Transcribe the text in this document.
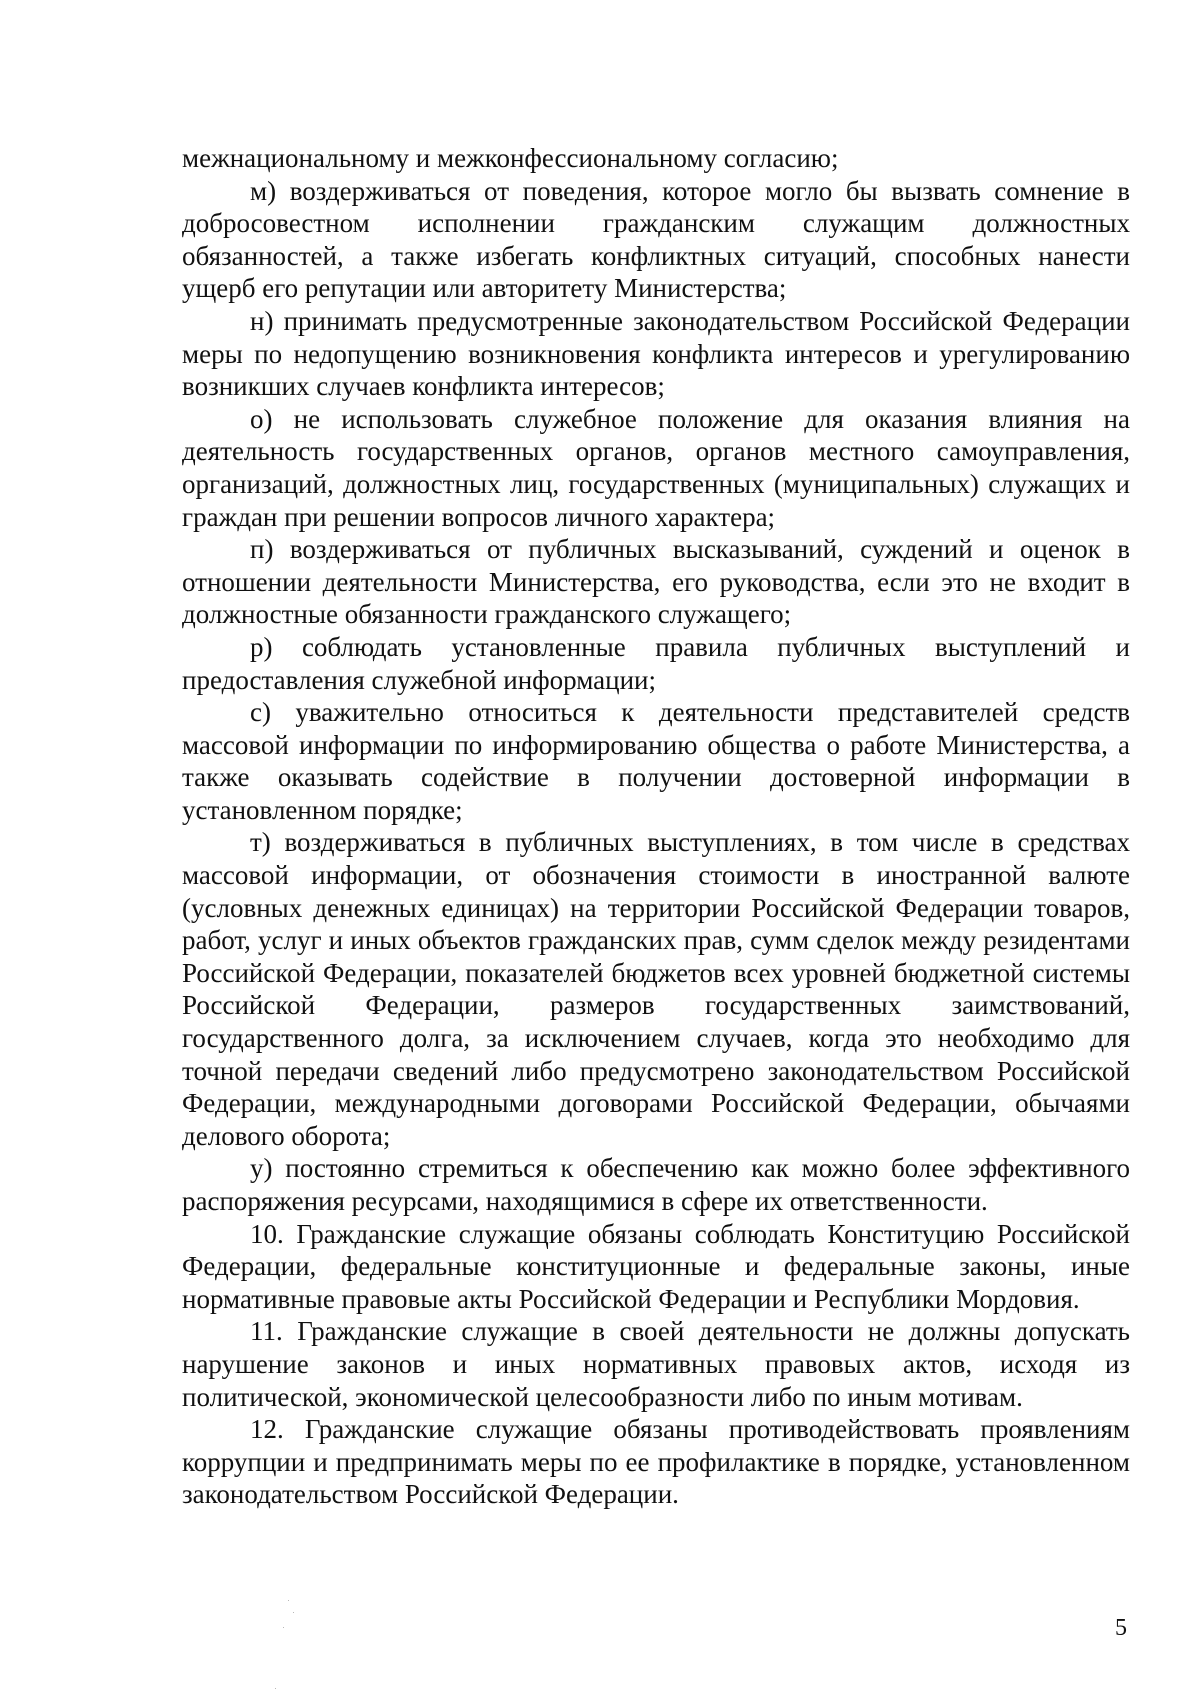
межнациональному и межконфессиональному согласию;

м) воздерживаться от поведения, которое могло бы вызвать сомнение в добросовестном исполнении гражданским служащим должностных обязанностей, а также избегать конфликтных ситуаций, способных нанести ущерб его репутации или авторитету Министерства;

н) принимать предусмотренные законодательством Российской Федерации меры по недопущению возникновения конфликта интересов и урегулированию возникших случаев конфликта интересов;

о) не использовать служебное положение для оказания влияния на деятельность государственных органов, органов местного самоуправления, организаций, должностных лиц, государственных (муниципальных) служащих и граждан при решении вопросов личного характера;

п) воздерживаться от публичных высказываний, суждений и оценок в отношении деятельности Министерства, его руководства, если это не входит в должностные обязанности гражданского служащего;

р) соблюдать установленные правила публичных выступлений и предоставления служебной информации;

с) уважительно относиться к деятельности представителей средств массовой информации по информированию общества о работе Министерства, а также оказывать содействие в получении достоверной информации в установленном порядке;

т) воздерживаться в публичных выступлениях, в том числе в средствах массовой информации, от обозначения стоимости в иностранной валюте (условных денежных единицах) на территории Российской Федерации товаров, работ, услуг и иных объектов гражданских прав, сумм сделок между резидентами Российской Федерации, показателей бюджетов всех уровней бюджетной системы Российской Федерации, размеров государственных заимствований, государственного долга, за исключением случаев, когда это необходимо для точной передачи сведений либо предусмотрено законодательством Российской Федерации, международными договорами Российской Федерации, обычаями делового оборота;

у) постоянно стремиться к обеспечению как можно более эффективного распоряжения ресурсами, находящимися в сфере их ответственности.

10. Гражданские служащие обязаны соблюдать Конституцию Российской Федерации, федеральные конституционные и федеральные законы, иные нормативные правовые акты Российской Федерации и Республики Мордовия.

11. Гражданские служащие в своей деятельности не должны допускать нарушение законов и иных нормативных правовых актов, исходя из политической, экономической целесообразности либо по иным мотивам.

12. Гражданские служащие обязаны противодействовать проявлениям коррупции и предпринимать меры по ее профилактике в порядке, установленном законодательством Российской Федерации.

5
